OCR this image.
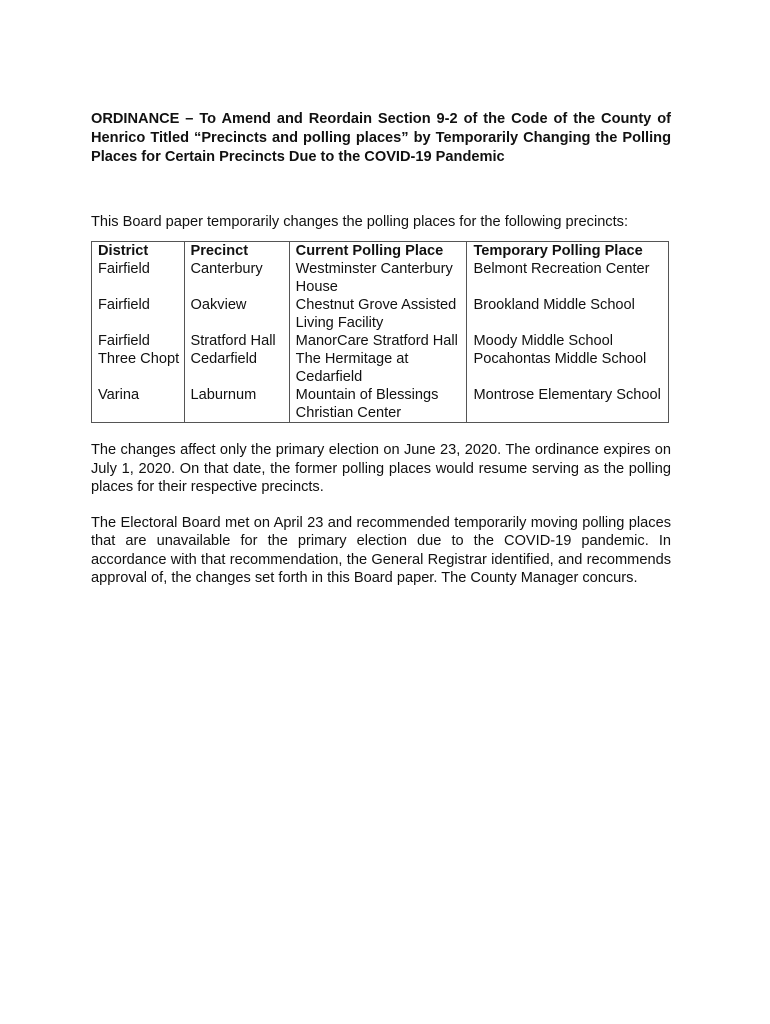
ORDINANCE – To Amend and Reordain Section 9-2 of the Code of the County of Henrico Titled “Precincts and polling places” by Temporarily Changing the Polling Places for Certain Precincts Due to the COVID-19 Pandemic

This Board paper temporarily changes the polling places for the following precincts:

District	Precinct	Current Polling Place	Temporary Polling Place
Fairfield	Canterbury	Westminster Canterbury House	Belmont Recreation Center
Fairfield	Oakview	Chestnut Grove Assisted Living Facility	Brookland Middle School
Fairfield	Stratford Hall	ManorCare Stratford Hall	Moody Middle School
Three Chopt	Cedarfield	The Hermitage at Cedarfield	Pocahontas Middle School
Varina	Laburnum	Mountain of Blessings Christian Center	Montrose Elementary School

The changes affect only the primary election on June 23, 2020. The ordinance expires on July 1, 2020. On that date, the former polling places would resume serving as the polling places for their respective precincts.

The Electoral Board met on April 23 and recommended temporarily moving polling places that are unavailable for the primary election due to the COVID-19 pandemic. In accordance with that recommendation, the General Registrar identified, and recommends approval of, the changes set forth in this Board paper. The County Manager concurs.
